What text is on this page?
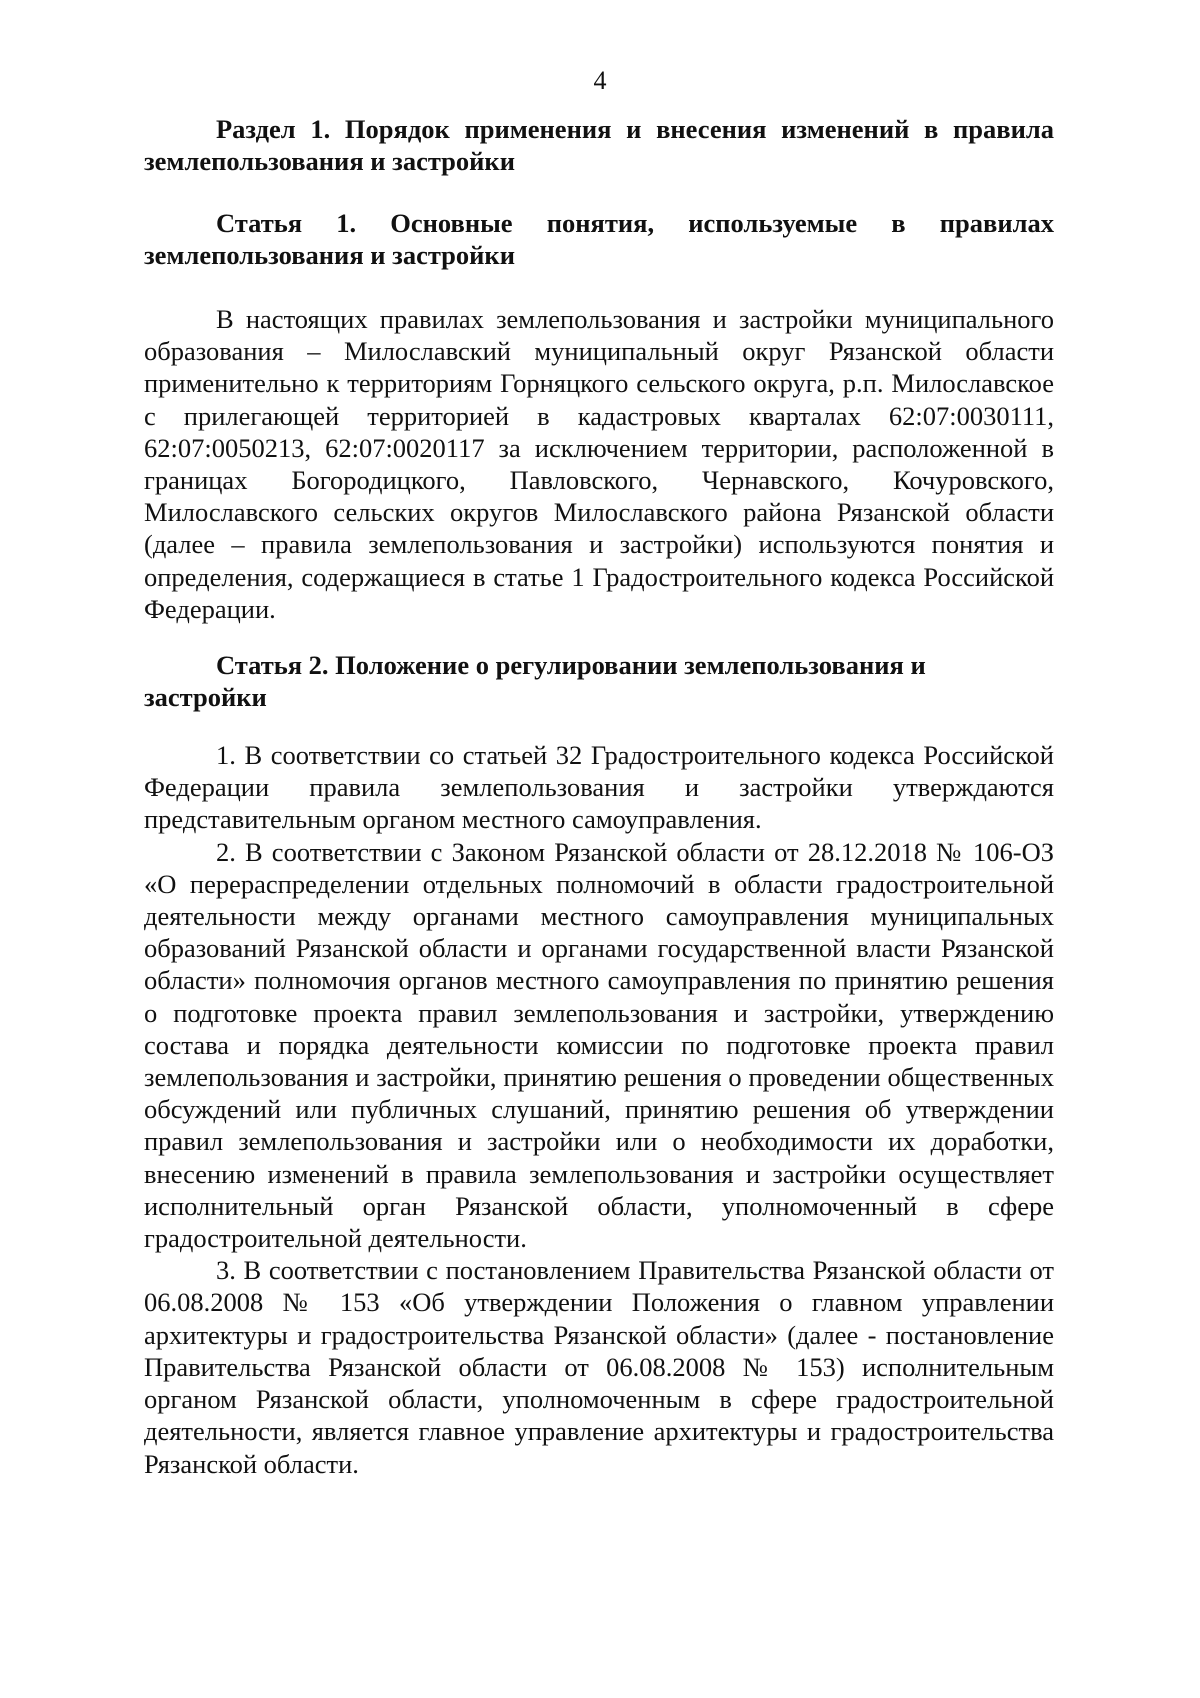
4

Раздел 1. Порядок применения и внесения изменений в правила землепользования и застройки

Статья 1. Основные понятия, используемые в правилах землепользования и застройки

В настоящих правилах землепользования и застройки муниципального образования – Милославский муниципальный округ Рязанской области применительно к территориям Горняцкого сельского округа, р.п. Милославское с прилегающей территорией в кадастровых кварталах 62:07:0030111, 62:07:0050213, 62:07:0020117 за исключением территории, расположенной в границах Богородицкого, Павловского, Чернавского, Кочуровского, Милославского сельских округов Милославского района Рязанской области (далее – правила землепользования и застройки) используются понятия и определения, содержащиеся в статье 1 Градостроительного кодекса Российской Федерации.

Статья 2. Положение о регулировании землепользования и застройки

1. В соответствии со статьей 32 Градостроительного кодекса Российской Федерации правила землепользования и застройки утверждаются представительным органом местного самоуправления.

2. В соответствии с Законом Рязанской области от 28.12.2018 № 106-ОЗ «О перераспределении отдельных полномочий в области градостроительной деятельности между органами местного самоуправления муниципальных образований Рязанской области и органами государственной власти Рязанской области» полномочия органов местного самоуправления по принятию решения о подготовке проекта правил землепользования и застройки, утверждению состава и порядка деятельности комиссии по подготовке проекта правил землепользования и застройки, принятию решения о проведении общественных обсуждений или публичных слушаний, принятию решения об утверждении правил землепользования и застройки или о необходимости их доработки, внесению изменений в правила землепользования и застройки осуществляет исполнительный орган Рязанской области, уполномоченный в сфере градостроительной деятельности.

3. В соответствии с постановлением Правительства Рязанской области от 06.08.2008 № 153 «Об утверждении Положения о главном управлении архитектуры и градостроительства Рязанской области» (далее - постановление Правительства Рязанской области от 06.08.2008 № 153) исполнительным органом Рязанской области, уполномоченным в сфере градостроительной деятельности, является главное управление архитектуры и градостроительства Рязанской области.
